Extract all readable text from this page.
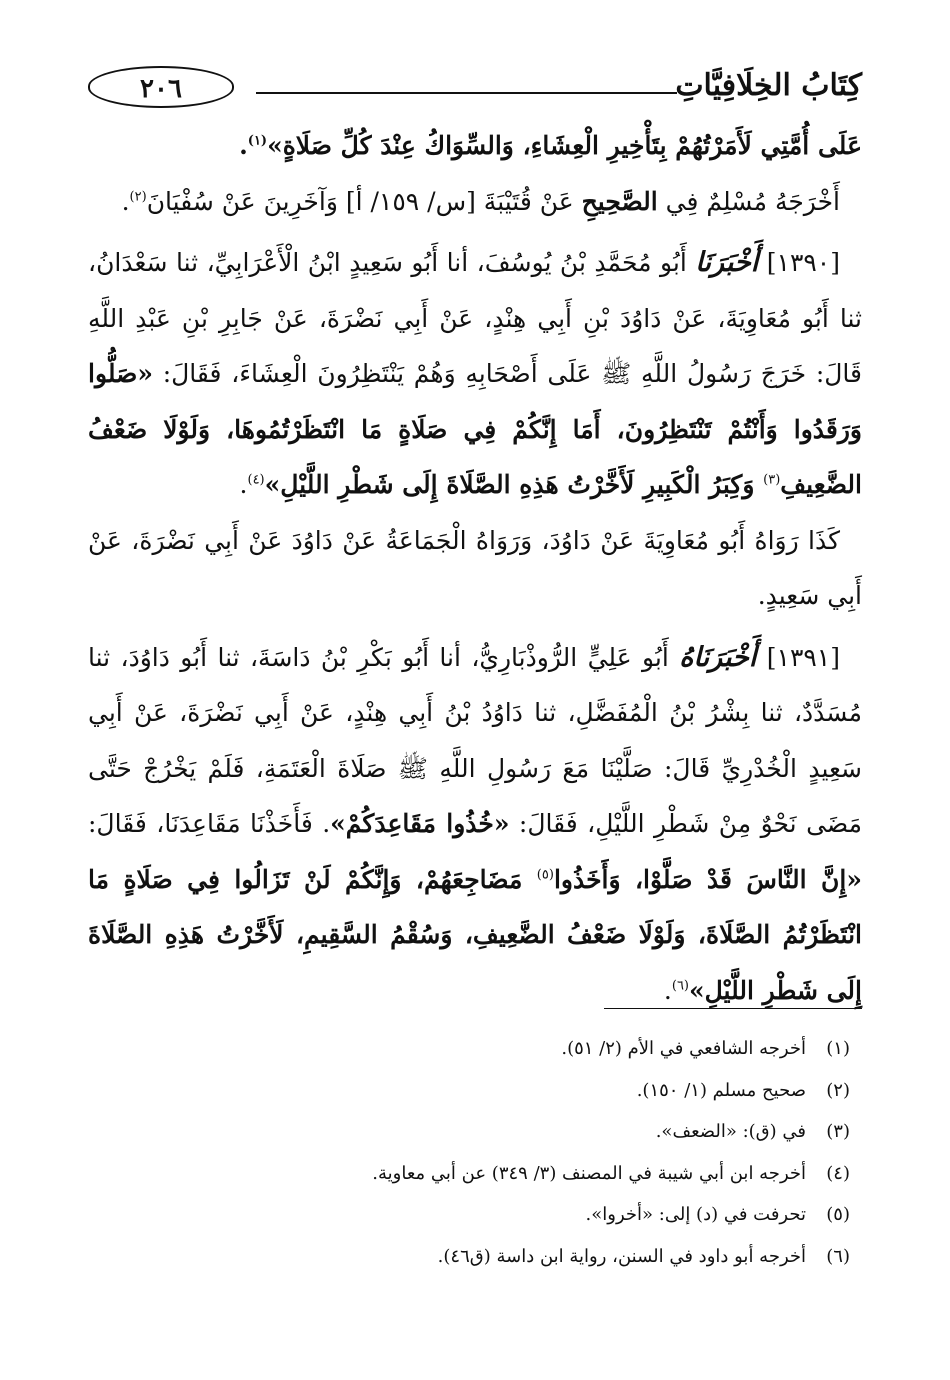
كِتَابُ الخِلَافِيَّاتِ
٢٠٦

عَلَى أُمَّتِي لَأَمَرْتُهُمْ بِتَأْخِيرِ الْعِشَاءِ، وَالسِّوَاكُ عِنْدَ كُلِّ صَلَاةٍ»$^{(١)}$.

أَخْرَجَهُ مُسْلِمٌ فِي الصَّحِيحِ عَنْ قُتَيْبَةَ [س/ ١٥٩/ أ] وَآخَرِينَ عَنْ سُفْيَانَ$^{(٢)}$.

[١٣٩٠] أَخْبَرَنَا أَبُو مُحَمَّدِ بْنُ يُوسُفَ، أنا أَبُو سَعِيدٍ ابْنُ الْأَعْرَابِيِّ، ثنا سَعْدَانُ، ثنا أَبُو مُعَاوِيَةَ، عَنْ دَاوُدَ بْنِ أَبِي هِنْدٍ، عَنْ أَبِي نَضْرَةَ، عَنْ جَابِرِ بْنِ عَبْدِ اللَّهِ قَالَ: خَرَجَ رَسُولُ اللَّهِ ﷺ عَلَى أَصْحَابِهِ وَهُمْ يَنْتَظِرُونَ الْعِشَاءَ، فَقَالَ: «صَلُّوا وَرَقَدُوا وَأَنْتُمْ تَنْتَظِرُونَ، أَمَا إِنَّكُمْ فِي صَلَاةٍ مَا انْتَظَرْتُمُوهَا، وَلَوْلَا ضَعْفُ الضَّعِيفِ$^{(٣)}$ وَكِبَرُ الْكَبِيرِ لَأَخَّرْتُ هَذِهِ الصَّلَاةَ إِلَى شَطْرِ اللَّيْلِ»$^{(٤)}$.

كَذَا رَوَاهُ أَبُو مُعَاوِيَةَ عَنْ دَاوُدَ، وَرَوَاهُ الْجَمَاعَةُ عَنْ دَاوُدَ عَنْ أَبِي نَضْرَةَ، عَنْ أَبِي سَعِيدٍ.

[١٣٩١] أَخْبَرَنَاهُ أَبُو عَلِيٍّ الرُّوذْبَارِيُّ، أنا أَبُو بَكْرِ بْنُ دَاسَةَ، ثنا أَبُو دَاوُدَ، ثنا مُسَدَّدٌ، ثنا بِشْرُ بْنُ الْمُفَضَّلِ، ثنا دَاوُدُ بْنُ أَبِي هِنْدٍ، عَنْ أَبِي نَضْرَةَ، عَنْ أَبِي سَعِيدٍ الْخُدْرِيِّ قَالَ: صَلَّيْنَا مَعَ رَسُولِ اللَّهِ ﷺ صَلَاةَ الْعَتَمَةِ، فَلَمْ يَخْرُجْ حَتَّى مَضَى نَحْوٌ مِنْ شَطْرِ اللَّيْلِ، فَقَالَ: «خُذُوا مَقَاعِدَكُمْ». فَأَخَذْنَا مَقَاعِدَنَا، فَقَالَ: «إِنَّ النَّاسَ قَدْ صَلَّوْا، وَأَخَذُوا$^{(٥)}$ مَضَاجِعَهُمْ، وَإِنَّكُمْ لَنْ تَزَالُوا فِي صَلَاةٍ مَا انْتَظَرْتُمُ الصَّلَاةَ، وَلَوْلَا ضَعْفُ الضَّعِيفِ، وَسُقْمُ السَّقِيمِ، لَأَخَّرْتُ هَذِهِ الصَّلَاةَ إِلَى شَطْرِ اللَّيْلِ»$^{(٦)}$.

(١)أخرجه الشافعي في الأم (٢/ ٥١).
(٢)صحيح مسلم (١/ ١٥٠).
(٣)في (ق): «الضعف».
(٤)أخرجه ابن أبي شيبة في المصنف (٣/ ٣٤٩) عن أبي معاوية.
(٥)تحرفت في (د) إلى: «أخروا».
(٦)أخرجه أبو داود في السنن، رواية ابن داسة (ق٤٦).
